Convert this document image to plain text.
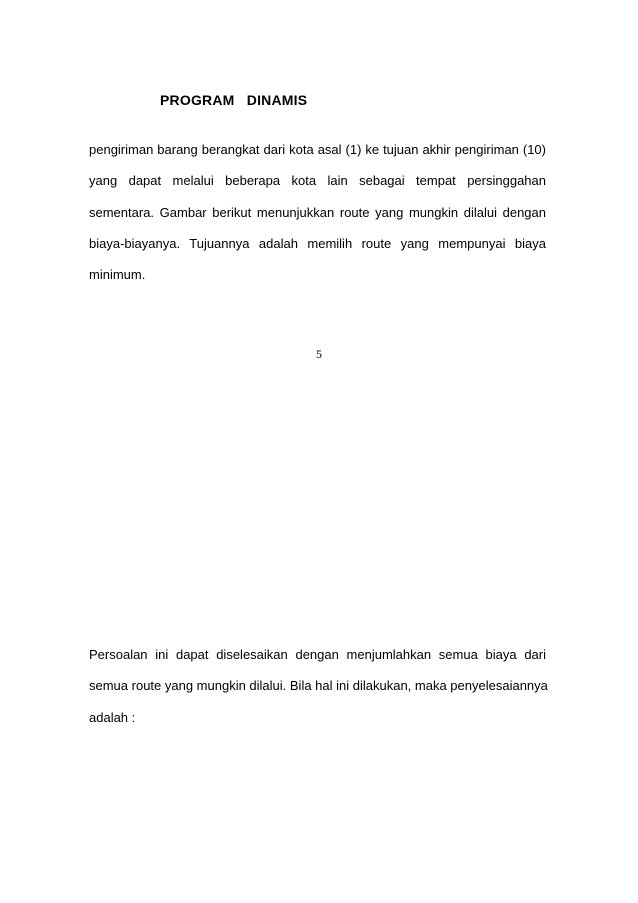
PROGRAM   DINAMIS
pengiriman barang berangkat dari kota asal (1) ke tujuan akhir pengiriman (10)
yang dapat melalui beberapa kota lain sebagai tempat persinggahan
sementara. Gambar berikut menunjukkan route yang mungkin dilalui dengan
biaya-biayanya. Tujuannya adalah memilih route yang mempunyai biaya
minimum.
5
Persoalan ini dapat diselesaikan dengan menjumlahkan semua biaya dari
semua route yang mungkin dilalui. Bila hal ini dilakukan, maka penyelesaiannya
adalah :
